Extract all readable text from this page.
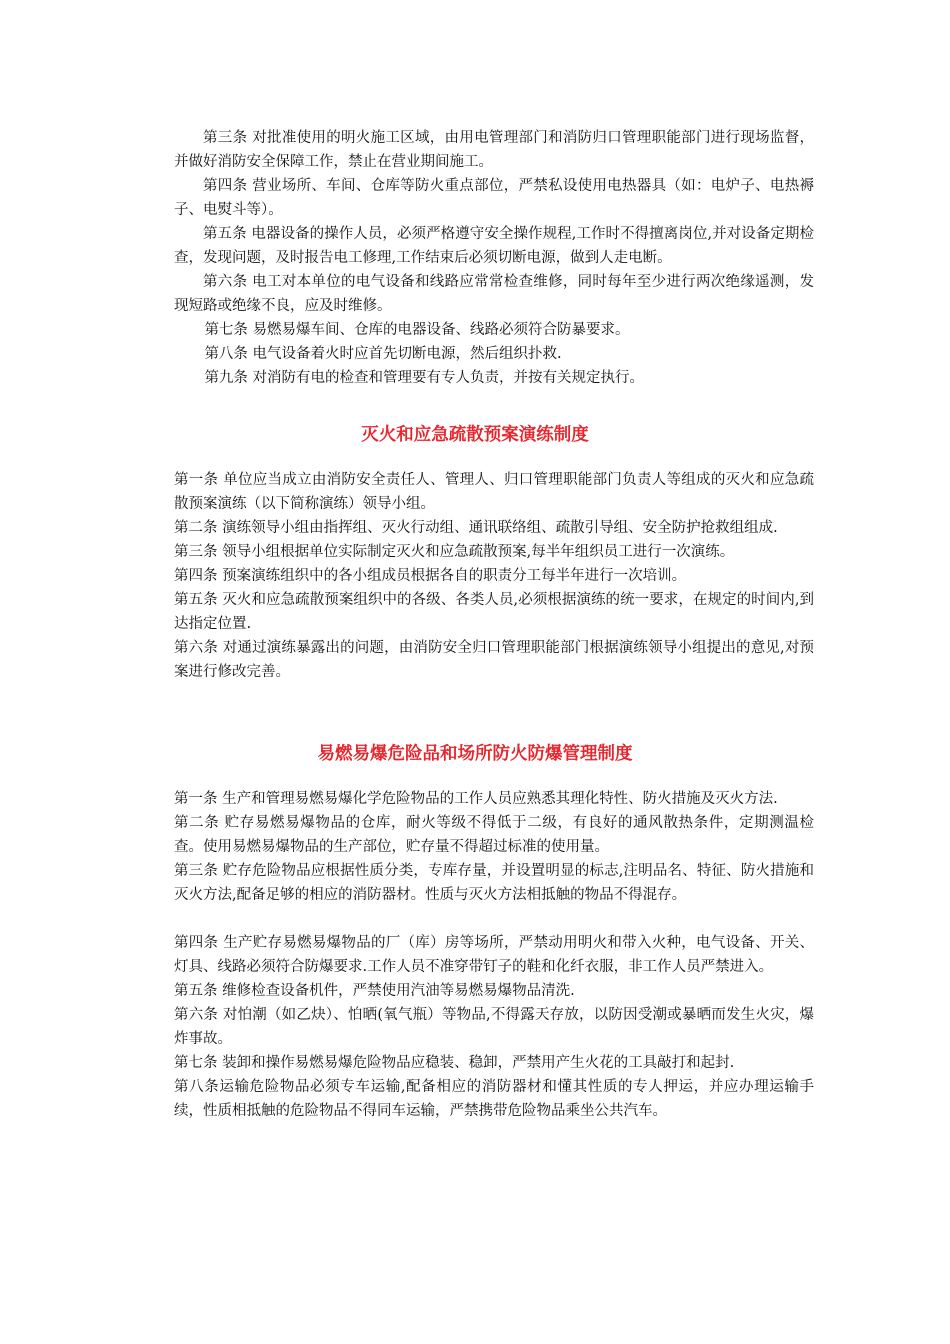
第三条 对批准使用的明火施工区域，由用电管理部门和消防归口管理职能部门进行现场监督，并做好消防安全保障工作，禁止在营业期间施工。

第四条 营业场所、车间、仓库等防火重点部位，严禁私设使用电热器具（如：电炉子、电热褥子、电熨斗等）。

第五条 电器设备的操作人员，必须严格遵守安全操作规程,工作时不得擅离岗位,并对设备定期检查，发现问题，及时报告电工修理,工作结束后必须切断电源，做到人走电断。

第六条 电工对本单位的电气设备和线路应常常检查维修，同时每年至少进行两次绝缘遥测，发现短路或绝缘不良，应及时维修。

第七条 易燃易爆车间、仓库的电器设备、线路必须符合防暴要求。

第八条 电气设备着火时应首先切断电源，然后组织扑救.

第九条 对消防有电的检查和管理要有专人负责，并按有关规定执行。

灭火和应急疏散预案演练制度

第一条 单位应当成立由消防安全责任人、管理人、归口管理职能部门负责人等组成的灭火和应急疏散预案演练（以下简称演练）领导小组。

第二条 演练领导小组由指挥组、灭火行动组、通讯联络组、疏散引导组、安全防护抢救组组成.

第三条 领导小组根据单位实际制定灭火和应急疏散预案,每半年组织员工进行一次演练。

第四条 预案演练组织中的各小组成员根据各自的职责分工每半年进行一次培训。

第五条 灭火和应急疏散预案组织中的各级、各类人员,必须根据演练的统一要求，在规定的时间内,到达指定位置.

第六条 对通过演练暴露出的问题，由消防安全归口管理职能部门根据演练领导小组提出的意见,对预案进行修改完善。

易燃易爆危险品和场所防火防爆管理制度

第一条 生产和管理易燃易爆化学危险物品的工作人员应熟悉其理化特性、防火措施及灭火方法.

第二条 贮存易燃易爆物品的仓库，耐火等级不得低于二级，有良好的通风散热条件，定期测温检查。使用易燃易爆物品的生产部位，贮存量不得超过标准的使用量。

第三条 贮存危险物品应根据性质分类，专库存量，并设置明显的标志,注明品名、特征、防火措施和灭火方法,配备足够的相应的消防器材。性质与灭火方法相抵触的物品不得混存。

第四条 生产贮存易燃易爆物品的厂（库）房等场所，严禁动用明火和带入火种，电气设备、开关、灯具、线路必须符合防爆要求.工作人员不准穿带钉子的鞋和化纤衣服，非工作人员严禁进入。

第五条 维修检查设备机件，严禁使用汽油等易燃易爆物品清洗.

第六条 对怕潮（如乙炔）、怕晒(氧气瓶）等物品,不得露天存放，以防因受潮或暴晒而发生火灾，爆炸事故。

第七条 装卸和操作易燃易爆危险物品应稳装、稳卸，严禁用产生火花的工具敲打和起封.

第八条运输危险物品必须专车运输,配备相应的消防器材和懂其性质的专人押运，并应办理运输手续，性质相抵触的危险物品不得同车运输，严禁携带危险物品乘坐公共汽车。
